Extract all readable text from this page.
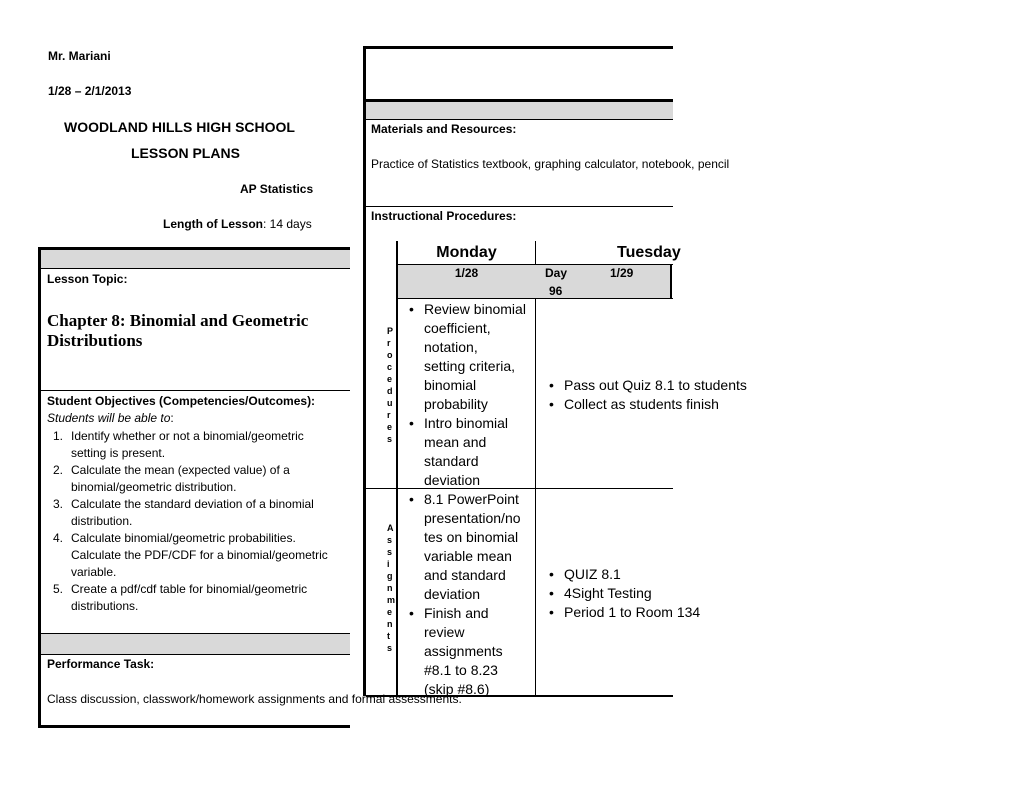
Mr. Mariani
1/28 – 2/1/2013
WOODLAND HILLS HIGH SCHOOL
LESSON PLANS
AP Statistics
Length of Lesson: 14 days
Lesson Topic:
Chapter 8: Binomial and Geometric
Distributions
Student Objectives (Competencies/Outcomes):
Students will be able to:
1. Identify whether or not a binomial/geometric
setting is present.
2. Calculate the mean (expected value) of a
binomial/geometric distribution.
3. Calculate the standard deviation of a binomial
distribution.
4. Calculate binomial/geometric probabilities.
Calculate the PDF/CDF for a binomial/geometric
variable.
5. Create a pdf/cdf table for binomial/geometric
distributions.
Performance Task:
Class discussion, classwork/homework assignments and formal assessments.
Materials and Resources:
Practice of Statistics textbook, graphing calculator, notebook, pencil
Instructional Procedures:
Monday	Tuesday
1/28	Day
96
1/29
P
r
o
c
e
d
u
r
e
s
A
s
s
i
g
n
m
e
n
t
s
• Review binomial
coefficient,
notation,
setting criteria,
binomial
probability
• Intro binomial
mean and
standard
deviation
• Pass out Quiz 8.1 to students
• Collect as students finish
• 8.1 PowerPoint
presentation/no
tes on binomial
variable mean
and standard
deviation
• Finish and
review
assignments
#8.1 to 8.23
(skip #8.6)
• QUIZ 8.1
• 4Sight Testing
• Period 1 to Room 134
